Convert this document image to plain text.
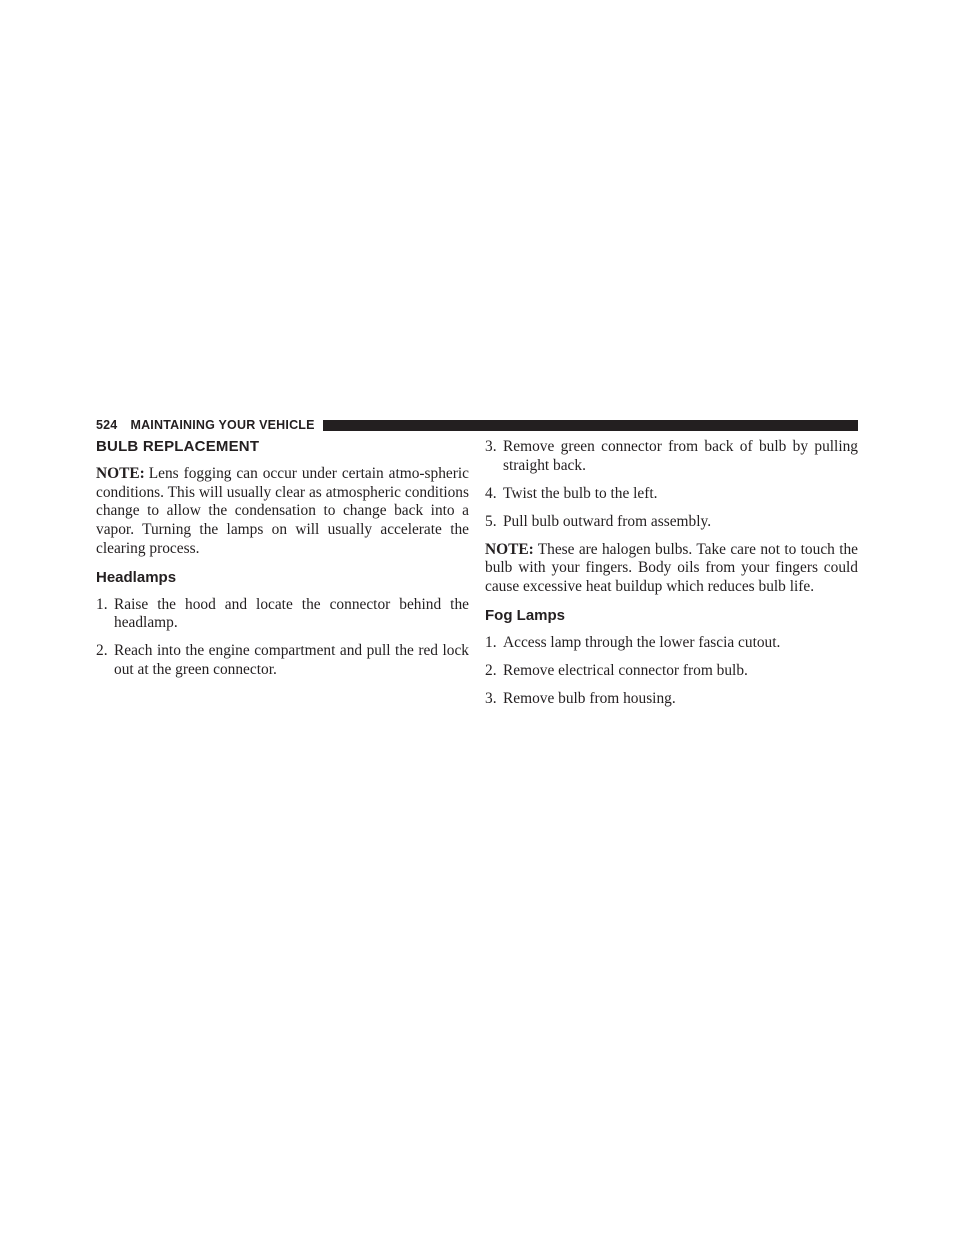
524 MAINTAINING YOUR VEHICLE
BULB REPLACEMENT

NOTE: Lens fogging can occur under certain atmo-spheric conditions. This will usually clear as atmospheric conditions change to allow the condensation to change back into a vapor. Turning the lamps on will usually accelerate the clearing process.

Headlamps
1. Raise the hood and locate the connector behind the headlamp.
2. Reach into the engine compartment and pull the red lock out at the green connector.
3. Remove green connector from back of bulb by pulling straight back.
4. Twist the bulb to the left.
5. Pull bulb outward from assembly.

NOTE: These are halogen bulbs. Take care not to touch the bulb with your fingers. Body oils from your fingers could cause excessive heat buildup which reduces bulb life.

Fog Lamps
1. Access lamp through the lower fascia cutout.
2. Remove electrical connector from bulb.
3. Remove bulb from housing.
